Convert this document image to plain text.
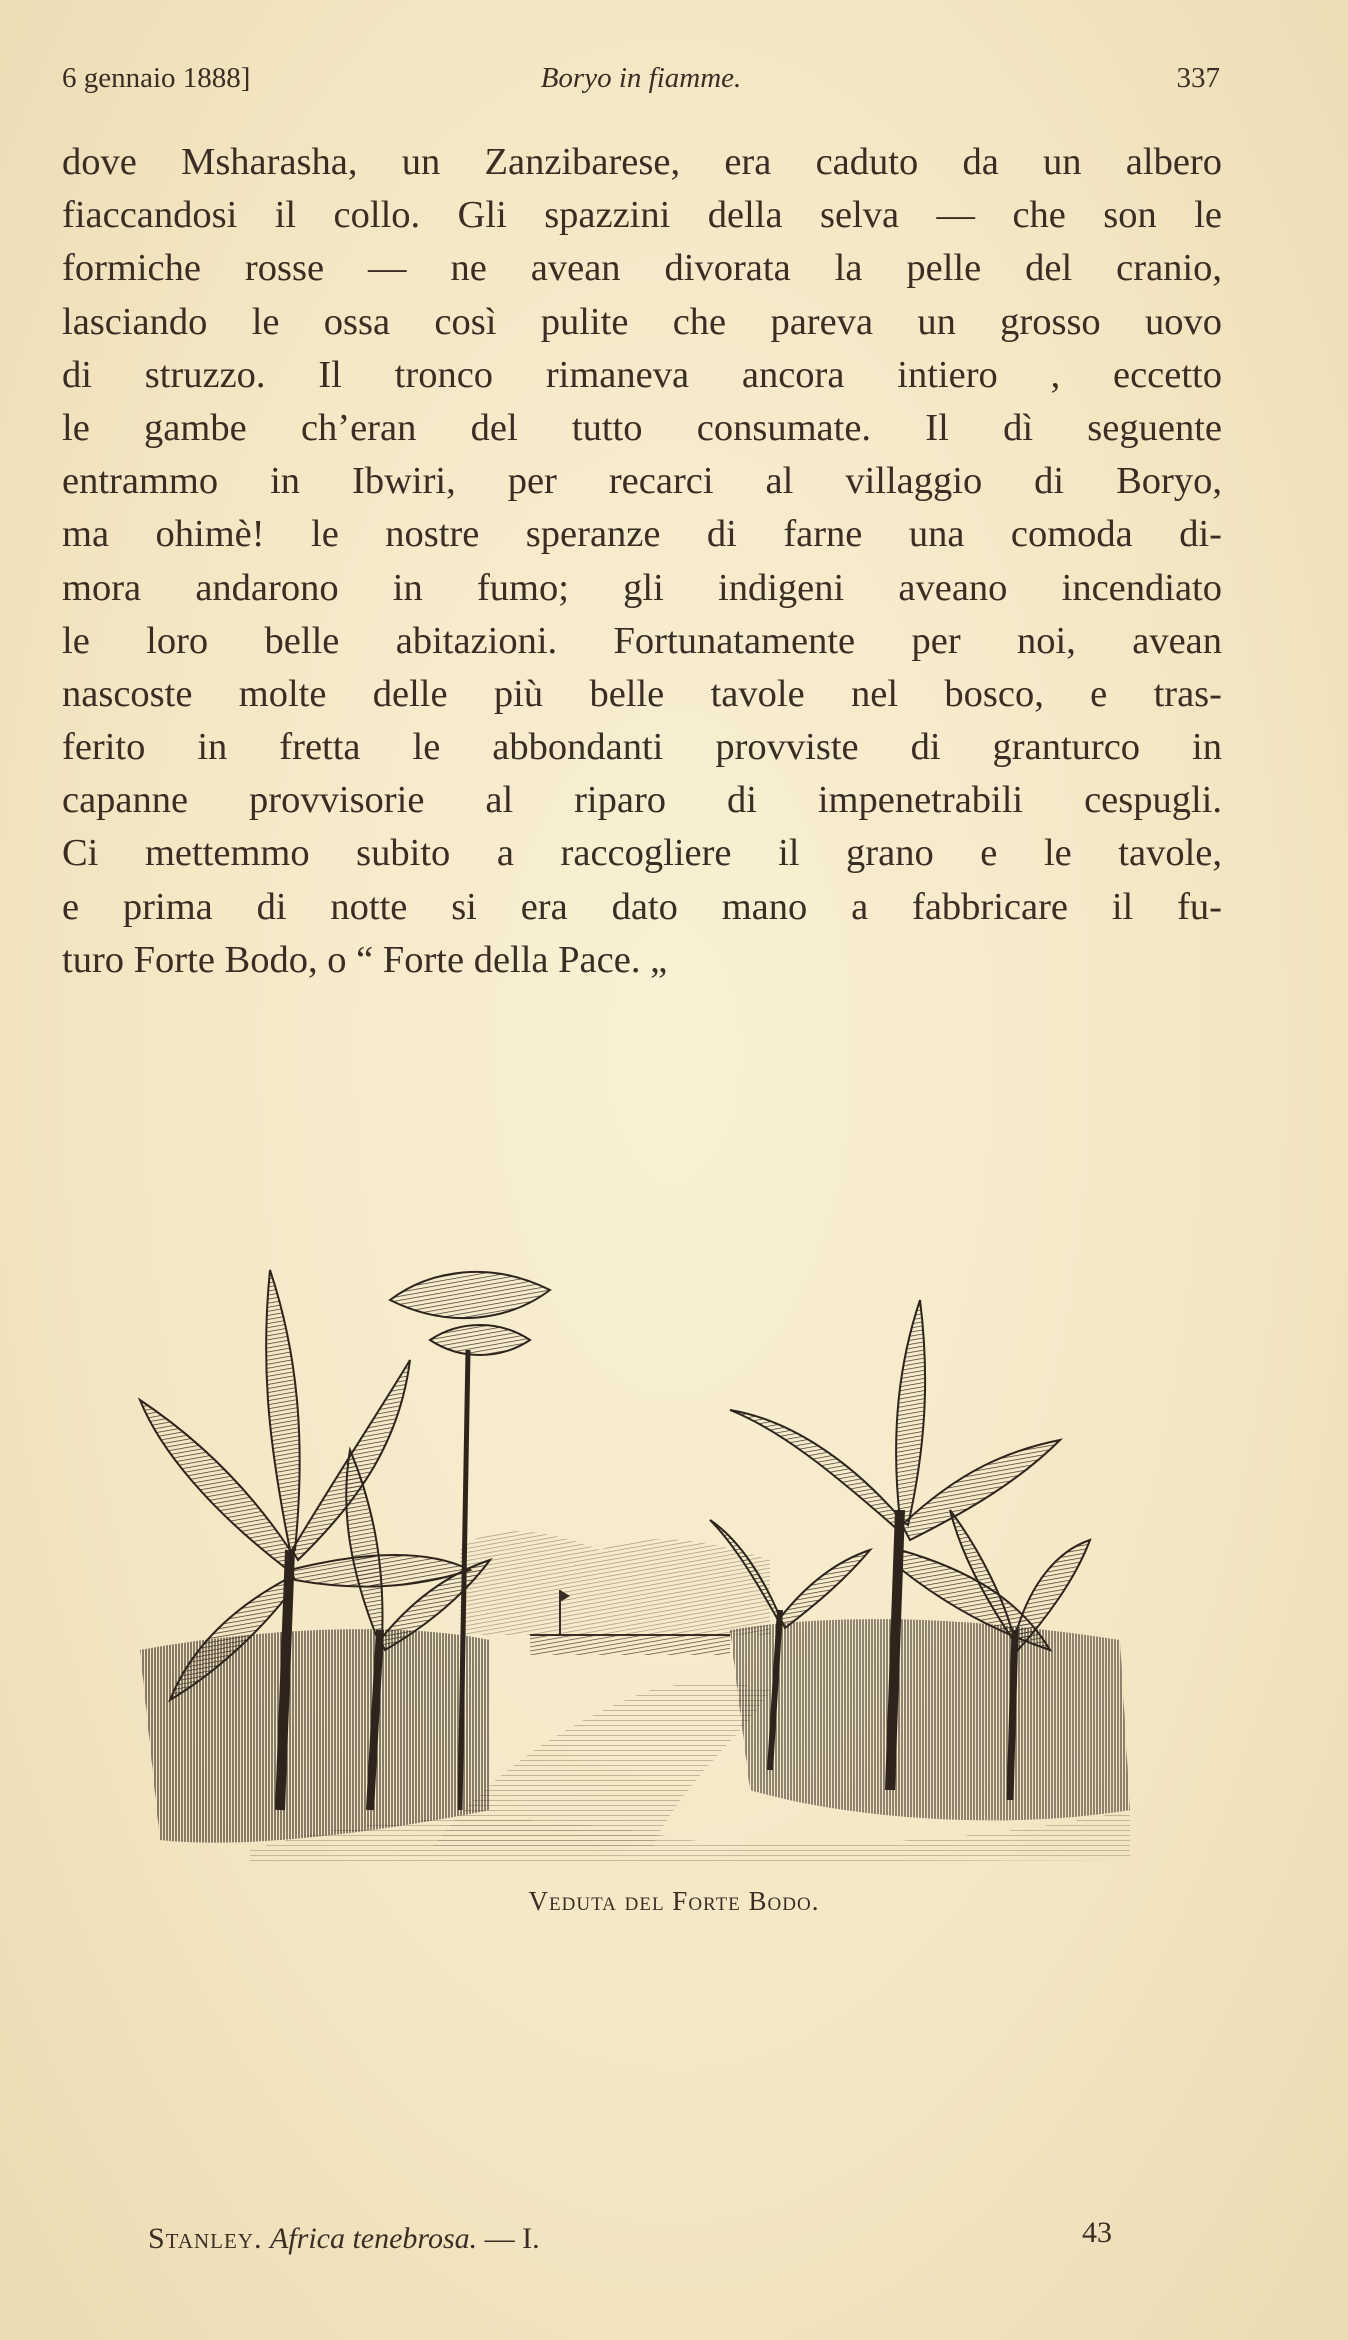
6 gennaio 1888]	Boryo in fiamme.	337
dove Msharasha, un Zanzibarese, era caduto da un albero
fiaccandosi il collo. Gli spazzini della selva — che son le
formiche rosse — ne avean divorata la pelle del cranio,
lasciando le ossa così pulite che pareva un grosso uovo
di struzzo. Il tronco rimaneva ancora intiero , eccetto
le gambe ch’eran del tutto consumate. Il dì seguente
entrammo in Ibwiri, per recarci al villaggio di Boryo,
ma ohimè! le nostre speranze di farne una comoda di-
mora andarono in fumo; gli indigeni aveano incendiato
le loro belle abitazioni. Fortunatamente per noi, avean
nascoste molte delle più belle tavole nel bosco, e tras-
ferito in fretta le abbondanti provviste di granturco in
capanne provvisorie al riparo di impenetrabili cespugli.
Ci mettemmo subito a raccogliere il grano e le tavole,
e prima di notte si era dato mano a fabbricare il fu-
turo Forte Bodo, o “ Forte della Pace. „
Veduta del Forte Bodo.
Stanley. Africa tenebrosa. — I.	43
